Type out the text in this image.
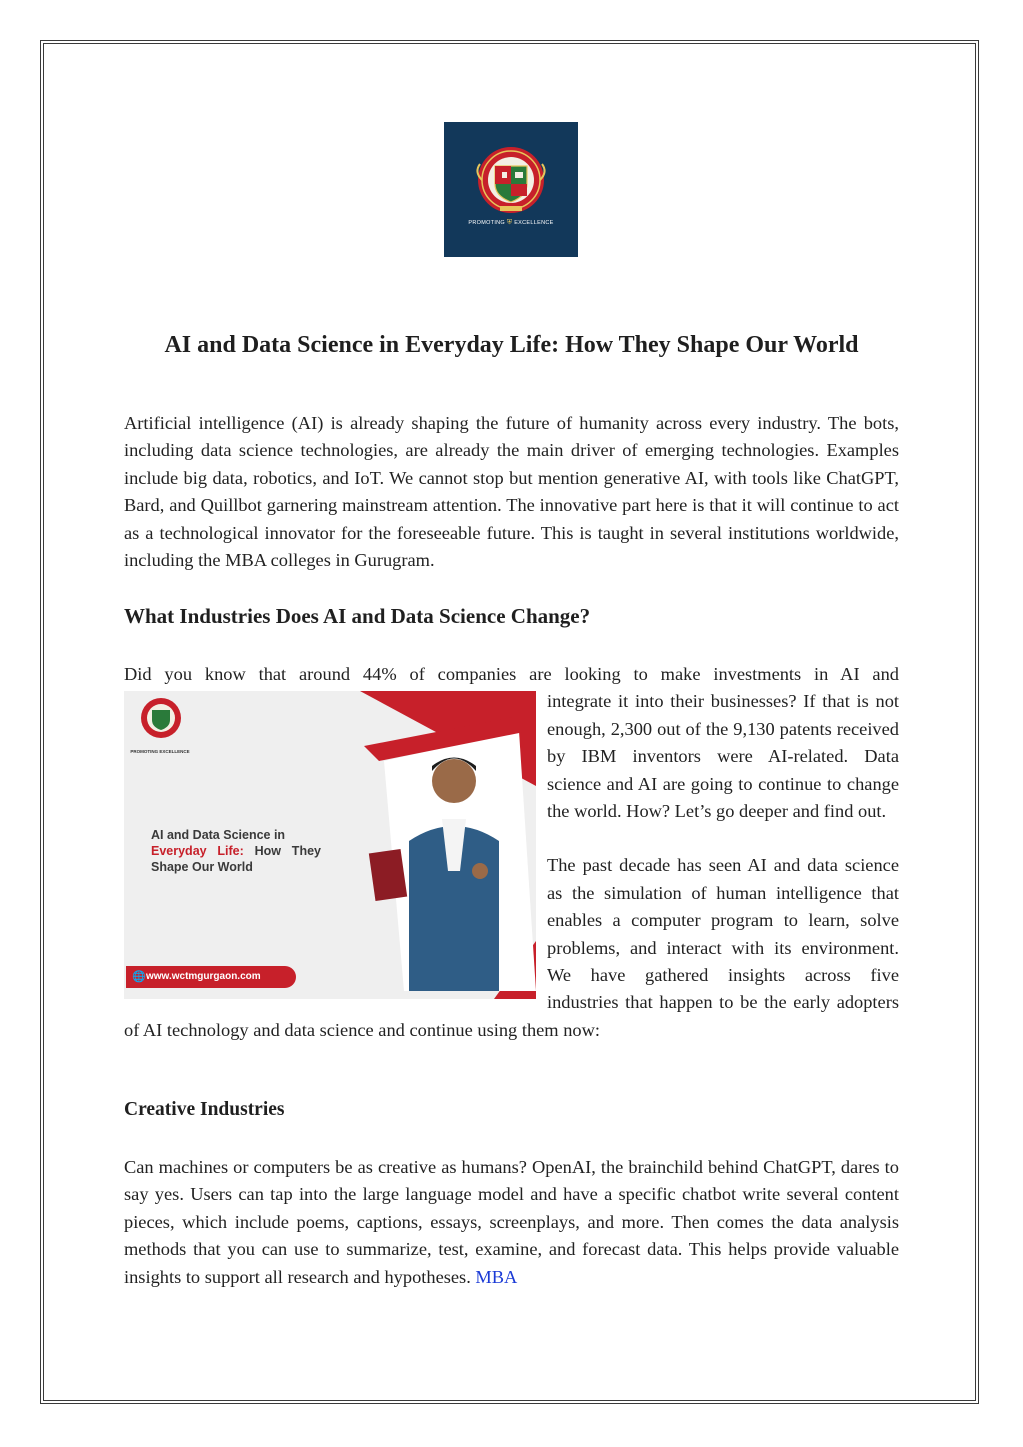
PROMOTING ⛨ EXCELLENCE
AI and Data Science in Everyday Life: How They Shape Our World

Artificial intelligence (AI) is already shaping the future of humanity across every industry. The bots, including data science technologies, are already the main driver of emerging technologies. Examples include big data, robotics, and IoT. We cannot stop but mention generative AI, with tools like ChatGPT, Bard, and Quillbot garnering mainstream attention. The innovative part here is that it will continue to act as a technological innovator for the foreseeable future. This is taught in several institutions worldwide, including the MBA colleges in Gurugram.

What Industries Does AI and Data Science Change?

Did you know that around 44% of companies are looking to make investments in AI and
PROMOTING EXCELLENCE
AI and Data Science in
Everyday Life: How They Shape Our World
🌐 www.wctmgurgaon.com
integrate it into their businesses? If that is not enough, 2,300 out of the 9,130 patents received by IBM inventors were AI-related. Data science and AI are going to continue to change the world. How? Let’s go deeper and find out.

The past decade has seen AI and data science as the simulation of human intelligence that enables a computer program to learn, solve problems, and interact with its environment. We have gathered insights across five industries that happen to be the early adopters of AI technology and data science and continue using them now:

Creative Industries

Can machines or computers be as creative as humans? OpenAI, the brainchild behind ChatGPT, dares to say yes. Users can tap into the large language model and have a specific chatbot write several content pieces, which include poems, captions, essays, screenplays, and more. Then comes the data analysis methods that you can use to summarize, test, examine, and forecast data. This helps provide valuable insights to support all research and hypotheses. MBA
